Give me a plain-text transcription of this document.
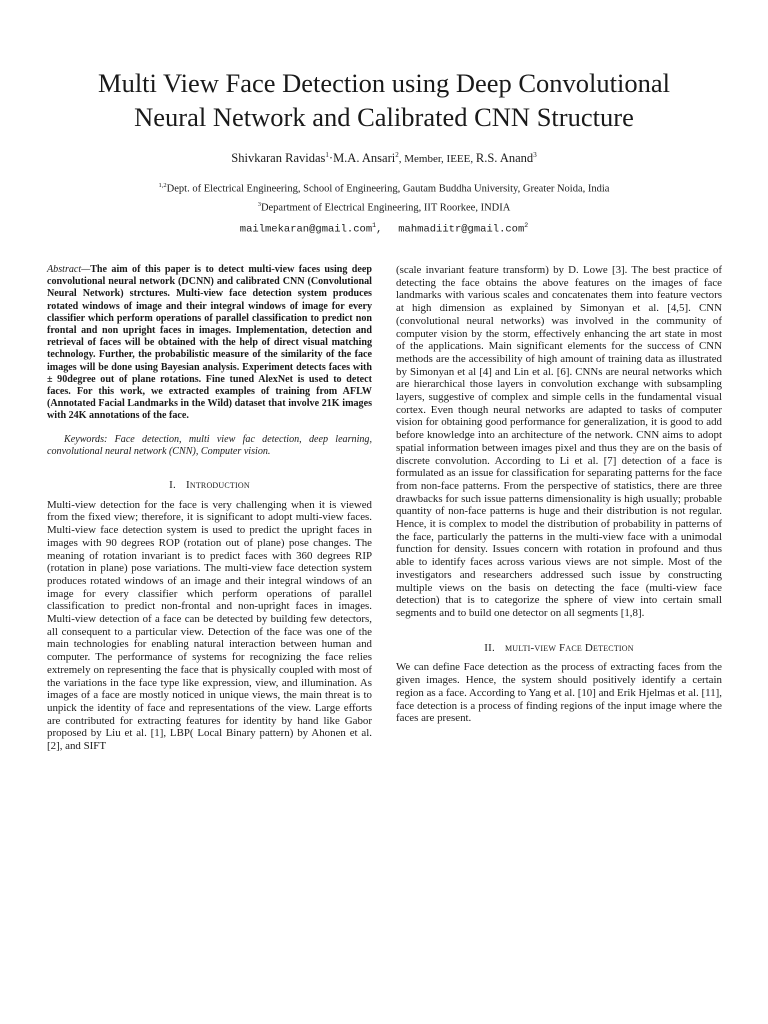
Multi View Face Detection using Deep Convolutional
Neural Network and Calibrated CNN Structure
Shivkaran Ravidas$^1$·M.A. Ansari$^2$, Member, IEEE, R.S. Anand$^3$
$^{1,2}$Dept. of Electrical Engineering, School of Engineering, Gautam Buddha University, Greater Noida, India
$^3$Department of Electrical Engineering, IIT Roorkee, INDIA
mailmekaran@gmail.com$^1$, mahmadiitr@gmail.com$^2$

Abstract—The aim of this paper is to detect multi-view faces using deep convolutional neural network (DCNN) and calibrated CNN (Convolutional Neural Network) strctures. Multi-view face detection system produces rotated windows of image and their integral windows of image for every classifier which perform operations of parallel classification to predict non frontal and non upright faces in images. Implementation, detection and retrieval of faces will be obtained with the help of direct visual matching technology. Further, the probabilistic measure of the similarity of the face images will be done using Bayesian analysis. Experiment detects faces with ± 90degree out of plane rotations. Fine tuned AlexNet is used to detect faces. For this work, we extracted examples of training from AFLW (Annotated Facial Landmarks in the Wild) dataset that involve 21K images with 24K annotations of the face.

Keywords: Face detection, multi view fac detection, deep learning, convolutional neural network (CNN), Computer vision.

I. Introduction

Multi-view detection for the face is very challenging when it is viewed from the fixed view; therefore, it is significant to adopt multi-view faces. Multi-view face detection system is used to predict the upright faces in images with 90 degrees ROP (rotation out of plane) pose changes. The meaning of rotation invariant is to predict faces with 360 degrees RIP (rotation in plane) pose variations. The multi-view face detection system produces rotated windows of an image and their integral windows of an image for every classifier which perform operations of parallel classification to predict non-frontal and non-upright faces in images. Multi-view detection of a face can be detected by building few detectors, all consequent to a particular view. Detection of the face was one of the main technologies for enabling natural interaction between human and computer. The performance of systems for recognizing the face relies extremely on representing the face that is physically coupled with most of the variations in the face type like expression, view, and illumination. As images of a face are mostly noticed in unique views, the main threat is to unpick the identity of face and representations of the view. Large efforts are contributed for extracting features for identity by hand like Gabor proposed by Liu et al. [1], LBP( Local Binary pattern) by Ahonen et al. [2], and SIFT

(scale invariant feature transform) by D. Lowe [3]. The best practice of detecting the face obtains the above features on the images of face landmarks with various scales and concatenates them into feature vectors at high dimension as explained by Simonyan et al. [4,5]. CNN (convolutional neural networks) was involved in the community of computer vision by the storm, effectively enhancing the art state in most of the applications. Main significant elements for the success of CNN methods are the accessibility of high amount of training data as illustrated by Simonyan et al [4] and Lin et al. [6]. CNNs are neural networks which are hierarchical those layers in convolution exchange with subsampling layers, suggestive of complex and simple cells in the fundamental visual cortex. Even though neural networks are adapted to tasks of computer vision for obtaining good performance for generalization, it is good to add before knowledge into an architecture of the network. CNN aims to adopt spatial information between images pixel and thus they are on the basis of discrete convolution. According to Li et al. [7] detection of a face is formulated as an issue for classification for separating patterns for the face from non-face patterns. From the perspective of statistics, there are three drawbacks for such issue patterns dimensionality is high usually; probable quantity of non-face patterns is huge and their distribution is not regular. Hence, it is complex to model the distribution of probability in patterns of the face, particularly the patterns in the multi-view face with a unimodal function for density. Issues concern with rotation in profound and thus able to identify faces across various views are not simple. Most of the investigators and researchers addressed such issue by constructing multiple views on the basis on detecting the face (multi-view face detection) that is to categorize the sphere of view into certain small segments and to build one detector on all segments [1,8].

II. multi-view Face Detection

We can define Face detection as the process of extracting faces from the given images. Hence, the system should positively identify a certain region as a face. According to Yang et al. [10] and Erik Hjelmas et al. [11], face detection is a process of finding regions of the input image where the faces are present.
